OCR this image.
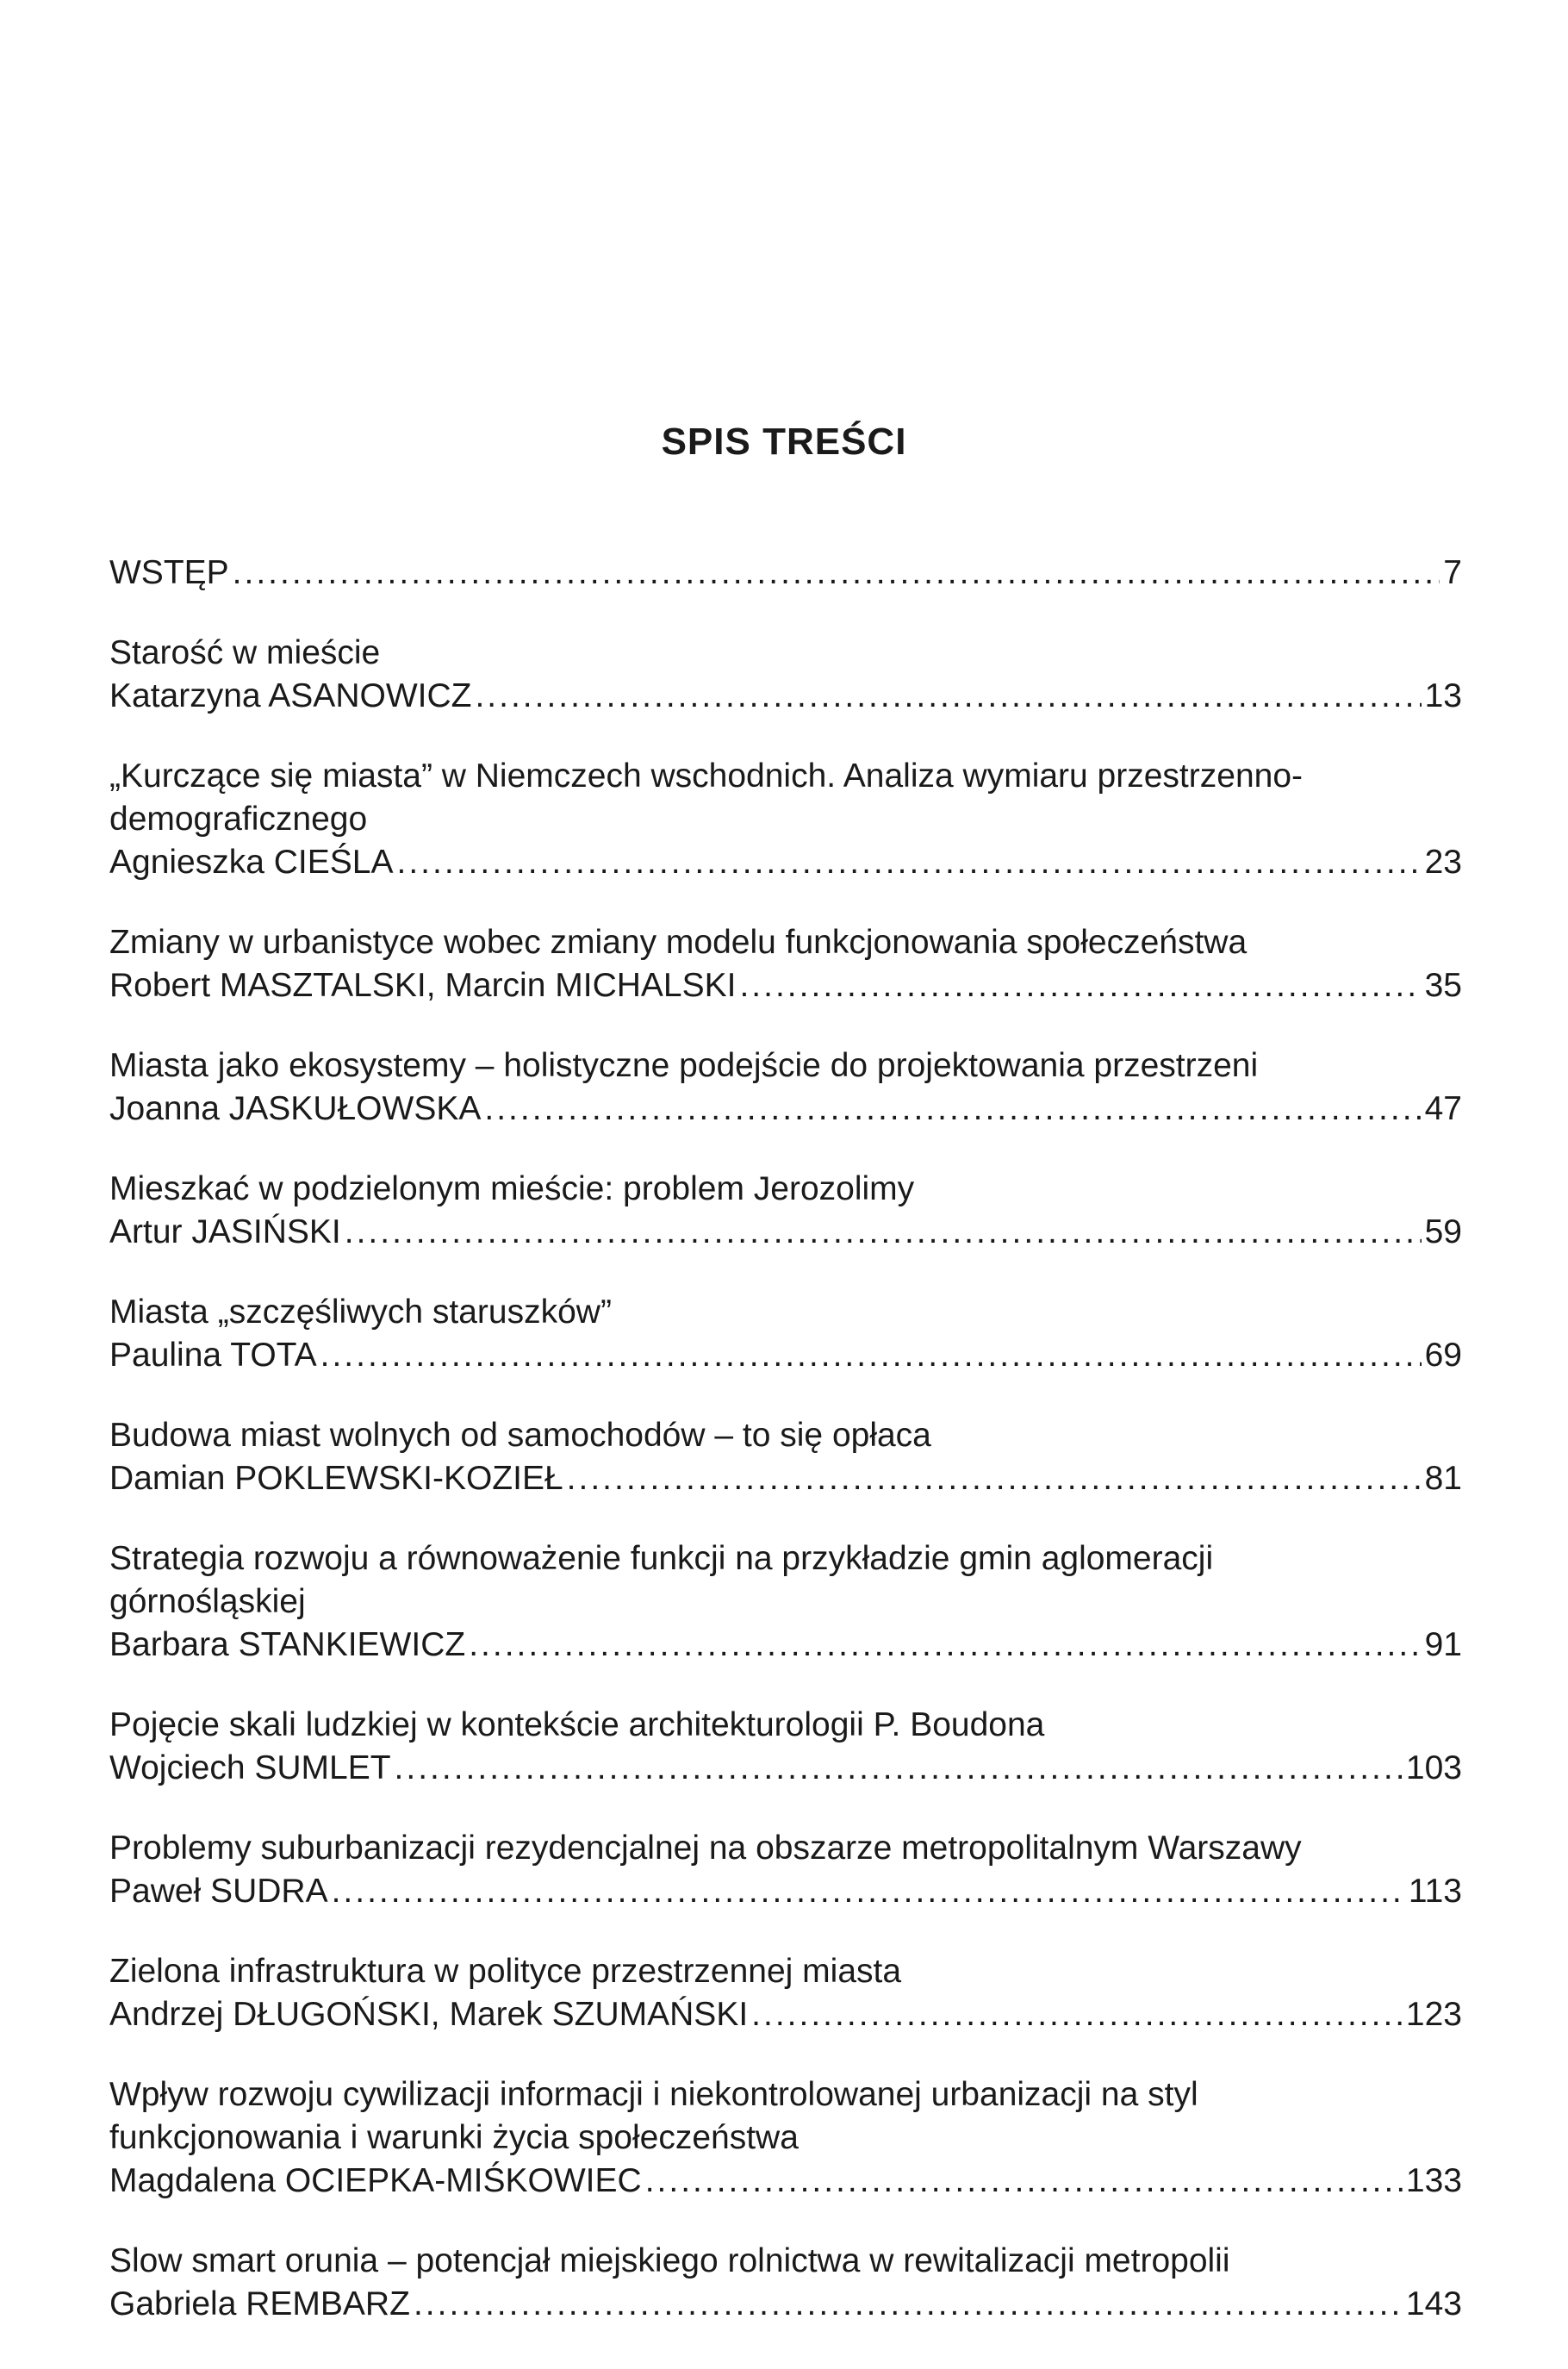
SPIS TREŚCI
WSTĘP .....	7
Starość w mieście
Katarzyna ASANOWICZ .....	13
„Kurczące się miasta” w Niemczech wschodnich. Analiza wymiaru przestrzenno-
demograficznego
Agnieszka CIEŚLA .....	23
Zmiany w urbanistyce wobec zmiany modelu funkcjonowania społeczeństwa
Robert MASZTALSKI, Marcin MICHALSKI .....	35
Miasta jako ekosystemy – holistyczne podejście do projektowania przestrzeni
Joanna JASKUŁOWSKA .....	47
Mieszkać w podzielonym mieście: problem Jerozolimy
Artur JASIŃSKI .....	59
Miasta „szczęśliwych staruszków”
Paulina TOTA .....	69
Budowa miast wolnych od samochodów – to się opłaca
Damian POKLEWSKI-KOZIEŁ .....	81
Strategia rozwoju a równoważenie funkcji na przykładzie gmin aglomeracji
górnośląskiej
Barbara STANKIEWICZ .....	91
Pojęcie skali ludzkiej w kontekście architekturologii P. Boudona
Wojciech SUMLET .....	103
Problemy suburbanizacji rezydencjalnej na obszarze metropolitalnym Warszawy
Paweł SUDRA .....	113
Zielona infrastruktura w polityce przestrzennej miasta
Andrzej DŁUGOŃSKI, Marek SZUMAŃSKI .....	123
Wpływ rozwoju cywilizacji informacji i niekontrolowanej urbanizacji na styl
funkcjonowania i warunki życia społeczeństwa
Magdalena OCIEPKA-MIŚKOWIEC .....	133
Slow smart orunia – potencjał miejskiego rolnictwa w rewitalizacji metropolii
Gabriela REMBARZ .....	143
